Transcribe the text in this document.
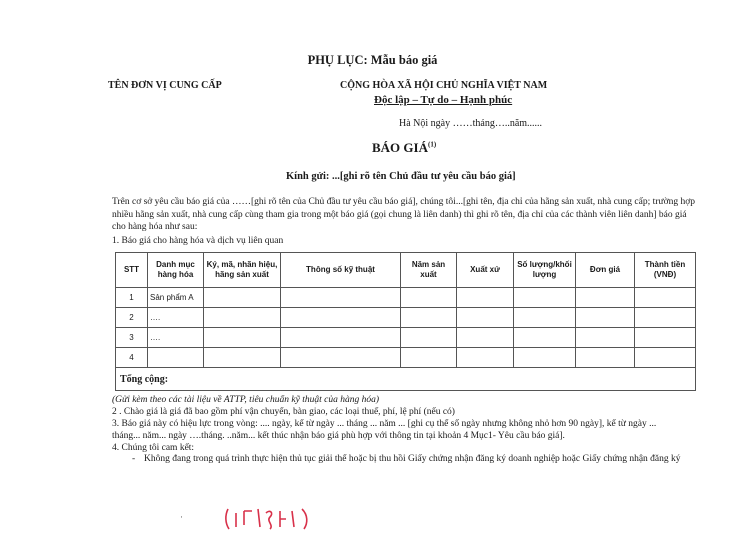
PHỤ LỤC: Mẫu báo giá
TÊN ĐƠN VỊ CUNG CẤP	CỘNG HÒA XÃ HỘI CHỦ NGHĨA VIỆT NAM
Độc lập – Tự do – Hạnh phúc
Hà Nội ngày ……tháng…..năm......
BÁO GIÁ$^{(1)}$
Kính gửi: ...[ghi rõ tên Chủ đầu tư yêu cầu báo giá]
Trên cơ sở yêu cầu báo giá của ……[ghi rõ tên của Chủ đầu tư yêu cầu báo giá], chúng tôi...[ghi tên, địa chỉ của hãng sản xuất, nhà cung cấp; trường hợp nhiều hãng sản xuất, nhà cung cấp cùng tham gia trong một báo giá (gọi chung là liên danh) thì ghi rõ tên, địa chỉ của các thành viên liên danh] báo giá cho hàng hóa như sau:
1. Báo giá cho hàng hóa và dịch vụ liên quan
STT	Danh mục hàng hóa	Ký, mã, nhãn hiệu, hãng sản xuất	Thông số kỹ thuật	Năm sản xuất	Xuất xứ	Số lượng/khối lượng	Đơn giá	Thành tiền (VNĐ)
1	Sản phẩm A							
2	….							
3	….							
4								
Tổng cộng:								
(Gửi kèm theo các tài liệu về ATTP, tiêu chuẩn kỹ thuật của hàng hóa)
2 . Chào giá là giá đã bao gồm phí vận chuyển, bàn giao, các loại thuế, phí, lệ phí (nếu có)
3. Báo giá này có hiệu lực trong vòng: .... ngày, kể từ ngày ... tháng ... năm ... [ghi cụ thể số ngày nhưng không nhỏ hơn 90 ngày], kể từ ngày ...
tháng... năm... ngày ….tháng. ..năm... kết thúc nhận báo giá phù hợp với thông tin tại khoản 4 Mục1- Yêu cầu báo giá].
4. Chúng tôi cam kết:
- Không đang trong quá trình thực hiện thủ tục giải thể hoặc bị thu hồi Giấy chứng nhận đăng ký doanh nghiệp hoặc Giấy chứng nhận đăng ký
·
